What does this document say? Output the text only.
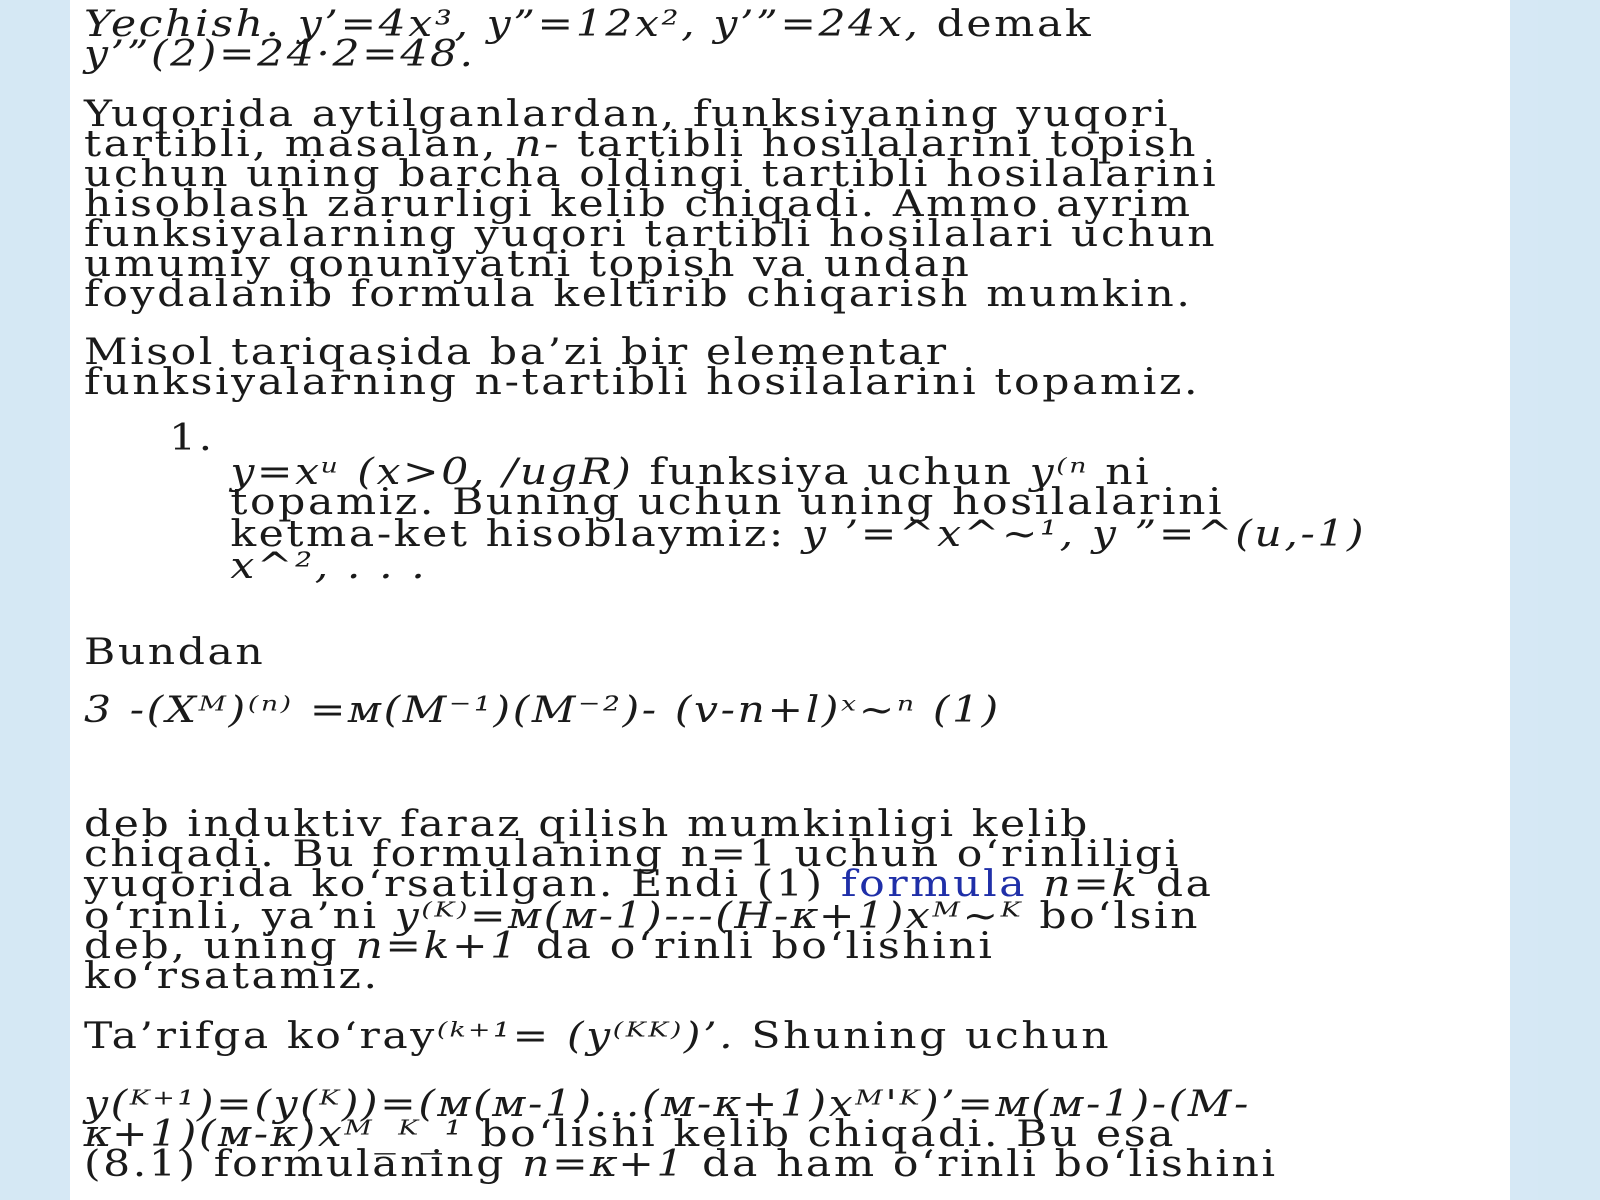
Yechish. y’=4x³, y”=12x², y’”=24x, demak
y’”(2)=24·2=48.
Yuqorida aytilganlardan, funksiyaning yuqori
tartibli, masalan, n- tartibli hosilalarini topish
uchun uning barcha oldingi tartibli hosilalarini
hisoblash zarurligi kelib chiqadi. Ammo ayrim
funksiyalarning yuqori tartibli hosilalari uchun
umumiy qonuniyatni topish va undan
foydalanib formula keltirib chiqarish mumkin.
Misol tariqasida ba’zi bir elementar
funksiyalarning n-tartibli hosilalarini topamiz.
1.
y=xᵘ (x>0, /ugR) funksiya uchun y⁽ⁿ ni
topamiz. Buning uchun uning hosilalarini
ketma-ket hisoblaymiz: y ’=^x^~¹, y ”=^(u,-1)
x^², . . .
Bundan
3 -(Xᴹ)⁽ⁿ⁾ =ᴍ(M⁻¹)(M⁻²)- (v-n+l)ˣ~ⁿ (1)
deb induktiv faraz qilish mumkinligi kelib
chiqadi. Bu formulaning n=1 uchun o‘rinliligi
yuqorida ko‘rsatilgan. Endi (1) formula n=k da
o‘rinli, ya’ni y⁽ᴷ⁾=ᴍ(ᴍ-1)---(H-ᴋ+1)xᴹ~ᴷ bo‘lsin
deb, uning n=k+1 da o‘rinli bo‘lishini
ko‘rsatamiz.
Ta’rifga ko‘ray⁽ᵏ⁺¹= (y⁽ᴷᴷ⁾)’. Shuning uchun
y(ᴷ⁺¹)=(y(ᴷ))=(ᴍ(ᴍ-1)...(ᴍ-ᴋ+1)xᴹ'ᴷ)’=ᴍ(ᴍ-1)-(M-
ᴋ+1)(ᴍ-ᴋ)xᴹ_ᴷ_¹ bo‘lishi kelib chiqadi. Bu esa
(8.1) formulaning n=ᴋ+1 da ham o‘rinli bo‘lishini
